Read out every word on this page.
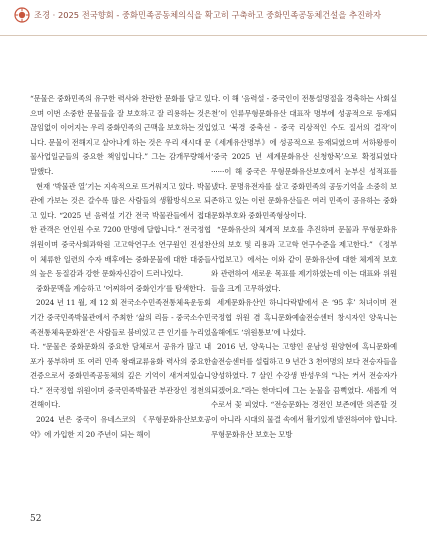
조경 · 2025 전국향회 - 중화민족공동체의식을 확고히 구축하고 중화민족공동체건설을 추진하자

“문물은 중화민족의 유구한 력사와 찬란한 문화를 담고 있으며 이번 소중한 문물들을 잘 보호하고 잘 리용하는 것은 끊임없이 이어지는 우리 중화민족의 근맥을 보호하는 것입니다. 문물이 전해지고 살아나게 하는 것은 우리 새시대 문물사업일군들의 중요한 책임입니다.” 그는 감개무량해서 말했다.

현재 ‘박물관 열’기는 지속적으로 뜨거워지고 있다. 박물관에 가보는 것은 갈수록 많은 사람들의 생활방식으로 되고 있다. “2025 년 음력설 기간 전국 박물관들에서 접대한 관객은 연인원 수로 7200 만명에 달합니다.” 전국정협 위원이며 중국사회과학원 고고학연구소 연구원인 진성찬이 체류한 일련의 수자 배후에는 중화문물에 대한 대중들의 높은 동질감과 강한 문화자신감이 드러나있다.

중화문맥을 계승하고 ‘어찌하여 중화인가’를 탐색한다.

2024 년 11 월, 제 12 회 전국소수민족전통체육운동회 기간 중국민족박물관에서 주최한 ‘삶의 리듬 - 중국소수민족전통체육문화전’은 사람들로 붐비었고 큰 인기를 누리었다. “문물은 중화문화의 중요한 담체로서 공유가 많고 내포가 풍부하며 또 여러 민족 왕래교류융화 력사의 중요한 견증으로서 중화민족공동체의 깊은 기억이 새겨져있습니다.” 전국정협 위원이며 중국민족박물관 부관장인 정천의 견해이다.

2024 년은 중국이 유네스코의 《무형문화유산보호공약》에 가입한 지 20 주년이 되는 해이

다. 이 해 ‘음력설 - 중국인이 전통설명절을 경축하는 사회실천’이 인류무형문화유산 대표작 명부에 성공적으로 등재되었고 ‘북경 중축선 - 중국 리상적인 수도 질서의 걸작’이 《세계유산명부》에 성공적으로 등재되였으며 서하왕릉이 ‘중국 2025 년 세계문화유산 신청항목’으로 확정되였다······이 해 중국은 무형문화유산보호에서 눈부신 성적표를 냈다. 문명유전자를 살고 중화민족의 공동기억을 소중히 보존하고 있는 이런 문화유산들은 여러 민족이 공유하는 중화문화부호와 중화민족형상이다.

“문화유산의 체계적 보호를 추진하며 문물과 무형문화유산의 보호 및 리용과 고고학 연구수준을 제고한다.” 《정부사업보고》에서는 이와 같이 문화유산에 대한 체계적 보호와 관련하여 새로운 목표를 제기하였는데 이는 대표와 위원들을 크게 고무하였다.

세계문화유산인 하니다락밭에서 온 ‘95 후’ 처녀이며 전국정협 위원 겸 흑니문화예술전승센터 창시자인 양욱니는 올해에도 ‘위원통보’에 나섰다.

2016 년, 양욱니는 고향인 운남성 원양현에 흑니문화예술전승센터를 설립하고 9 년간 3 천여명의 보다 전승자들을 양성하였다. 7 살인 수강생 반성우의 “나는 커서 전승자가 되겠어요.”라는 한마디에 그는 눈물을 끔뻑였다. 새롭게 역수로서 꽃 피였다. “전승문화는 경전인 보존에만 의존할 것이 아니라 시대의 물결 속에서 활기있게 발전하여야 합니다. 무형문화유산 보호는 모방

52
